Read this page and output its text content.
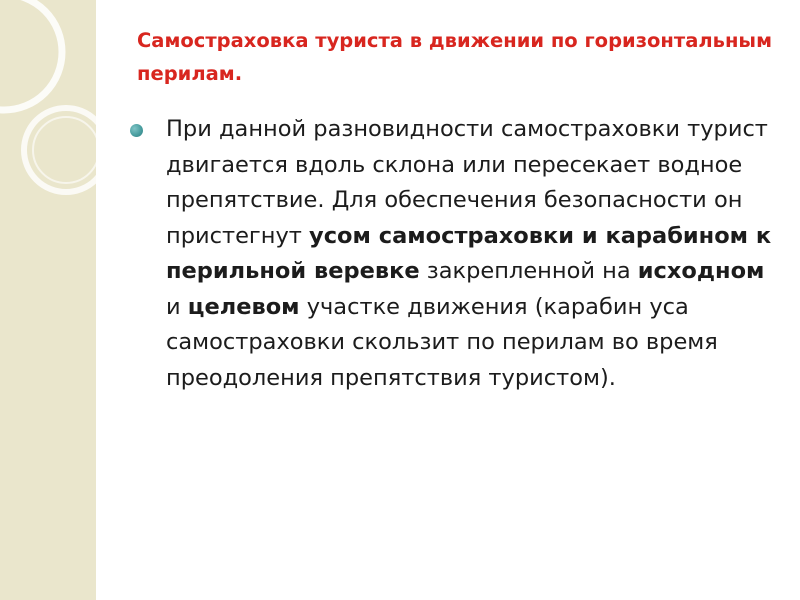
Самостраховка туриста в движении по горизонтальным перилам.

При данной разновидности самостраховки турист двигается вдоль склона или пересекает водное препятствие. Для обеспечения безопасности он пристегнут усом самостраховки и карабином к перильной веревке закрепленной на исходном и целевом участке движения (карабин уса самостраховки скользит по перилам во время преодоления препятствия туристом).
